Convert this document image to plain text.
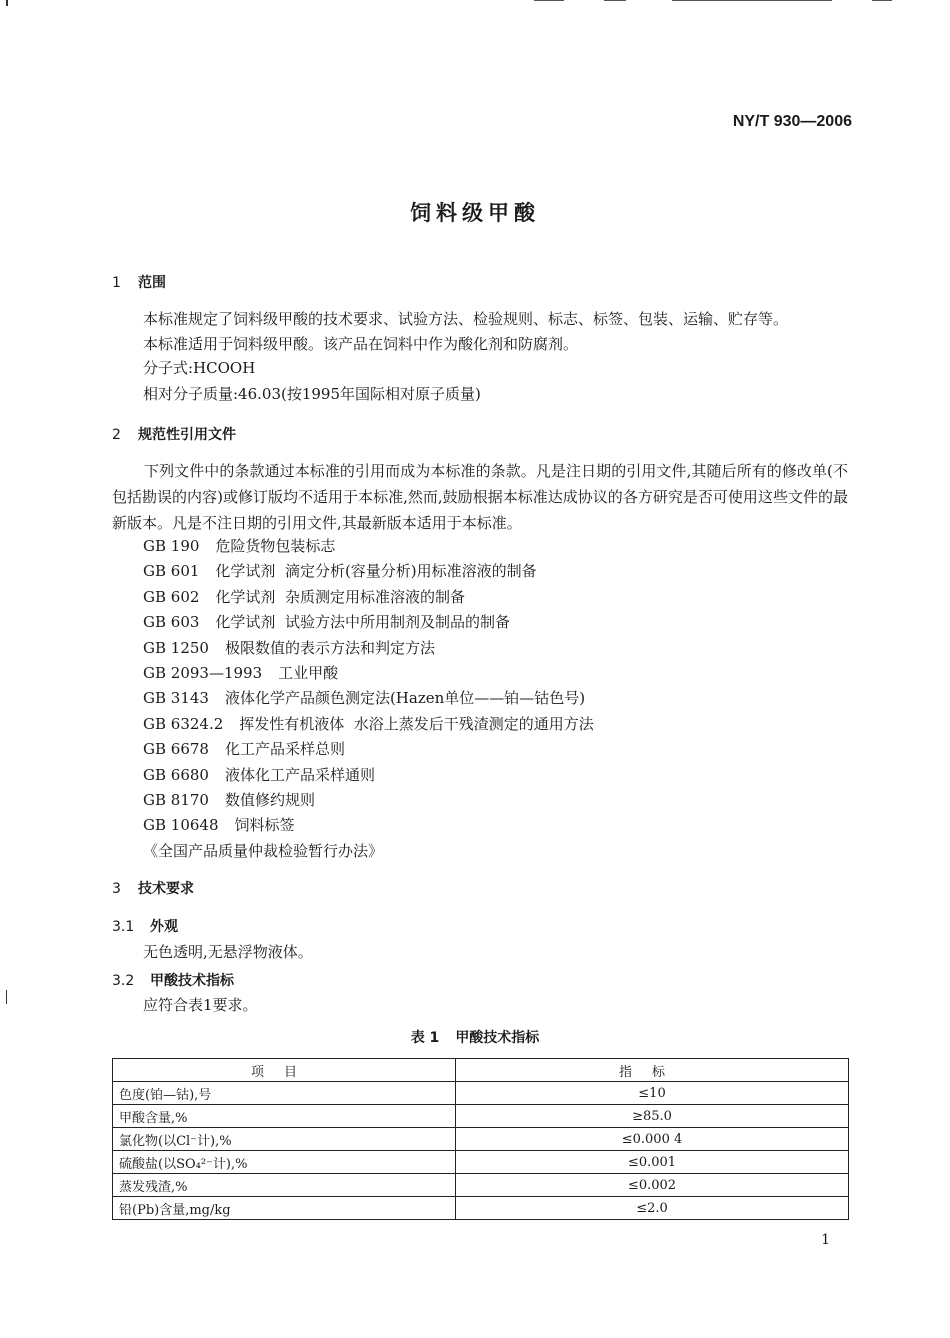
NY/T 930—2006

饲料级甲酸
1 范围

本标准规定了饲料级甲酸的技术要求、试验方法、检验规则、标志、标签、包装、运输、贮存等。

本标准适用于饲料级甲酸。该产品在饲料中作为酸化剂和防腐剂。

分子式:HCOOH

相对分子质量:46.03(按1995年国际相对原子质量)

2 规范性引用文件

下列文件中的条款通过本标准的引用而成为本标准的条款。凡是注日期的引用文件,其随后所有的修改单(不包括勘误的内容)或修订版均不适用于本标准,然而,鼓励根据本标准达成协议的各方研究是否可使用这些文件的最新版本。凡是不注日期的引用文件,其最新版本适用于本标准。

GB 190 危险货物包装标志
GB 601 化学试剂  滴定分析(容量分析)用标准溶液的制备
GB 602 化学试剂  杂质测定用标准溶液的制备
GB 603 化学试剂  试验方法中所用制剂及制品的制备
GB 1250 极限数值的表示方法和判定方法
GB 2093—1993 工业甲酸
GB 3143 液体化学产品颜色测定法(Hazen单位——铂—钴色号)
GB 6324.2 挥发性有机液体  水浴上蒸发后干残渣测定的通用方法
GB 6678 化工产品采样总则
GB 6680 液体化工产品采样通则
GB 8170 数值修约规则
GB 10648 饲料标签
《全国产品质量仲裁检验暂行办法》
3 技术要求
3.1 外观

无色透明,无悬浮物液体。

3.2 甲酸技术指标

应符合表1要求。

表 1 甲酸技术指标
项目	指标
色度(铂—钴),号	≤10
甲酸含量,%	≥85.0
氯化物(以Cl⁻计),%	≤0.000 4
硫酸盐(以SO₄²⁻计),%	≤0.001
蒸发残渣,%	≤0.002
铅(Pb)含量,mg/kg	≤2.0

1
